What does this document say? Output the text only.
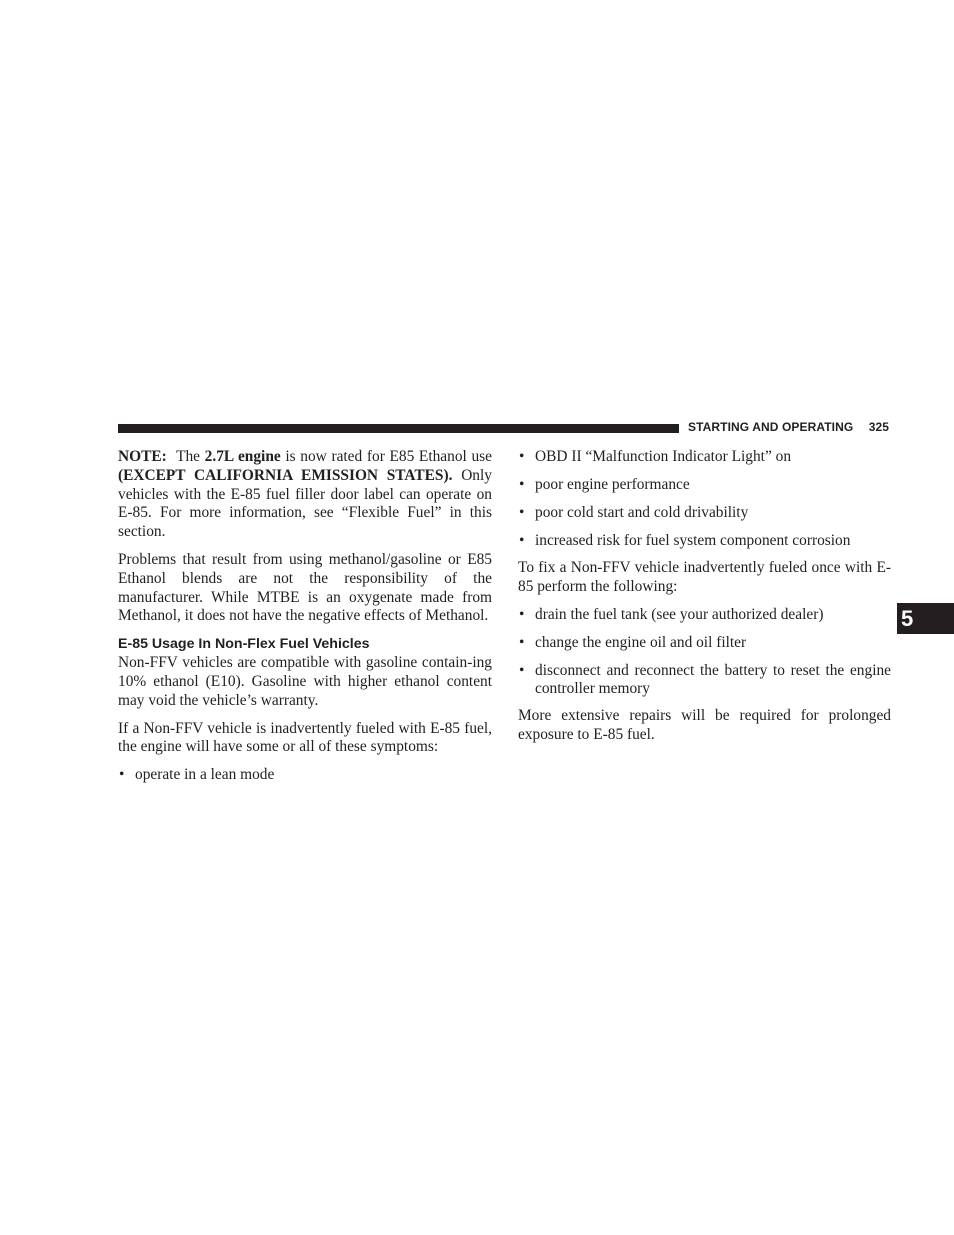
STARTING AND OPERATING 325
5

NOTE: The 2.7L engine is now rated for E85 Ethanol use (EXCEPT CALIFORNIA EMISSION STATES). Only vehicles with the E-85 fuel filler door label can operate on E-85. For more information, see “Flexible Fuel” in this section.

Problems that result from using methanol/gasoline or E85 Ethanol blends are not the responsibility of the manufacturer. While MTBE is an oxygenate made from Methanol, it does not have the negative effects of Methanol.

E-85 Usage In Non-Flex Fuel Vehicles

Non-FFV vehicles are compatible with gasoline contain-ing 10% ethanol (E10). Gasoline with higher ethanol content may void the vehicle’s warranty.

If a Non-FFV vehicle is inadvertently fueled with E-85 fuel, the engine will have some or all of these symptoms:

• operate in a lean mode
• OBD II “Malfunction Indicator Light” on
• poor engine performance
• poor cold start and cold drivability
• increased risk for fuel system component corrosion

To fix a Non-FFV vehicle inadvertently fueled once with E-85 perform the following:

• drain the fuel tank (see your authorized dealer)
• change the engine oil and oil filter
• disconnect and reconnect the battery to reset the engine controller memory

More extensive repairs will be required for prolonged exposure to E-85 fuel.
